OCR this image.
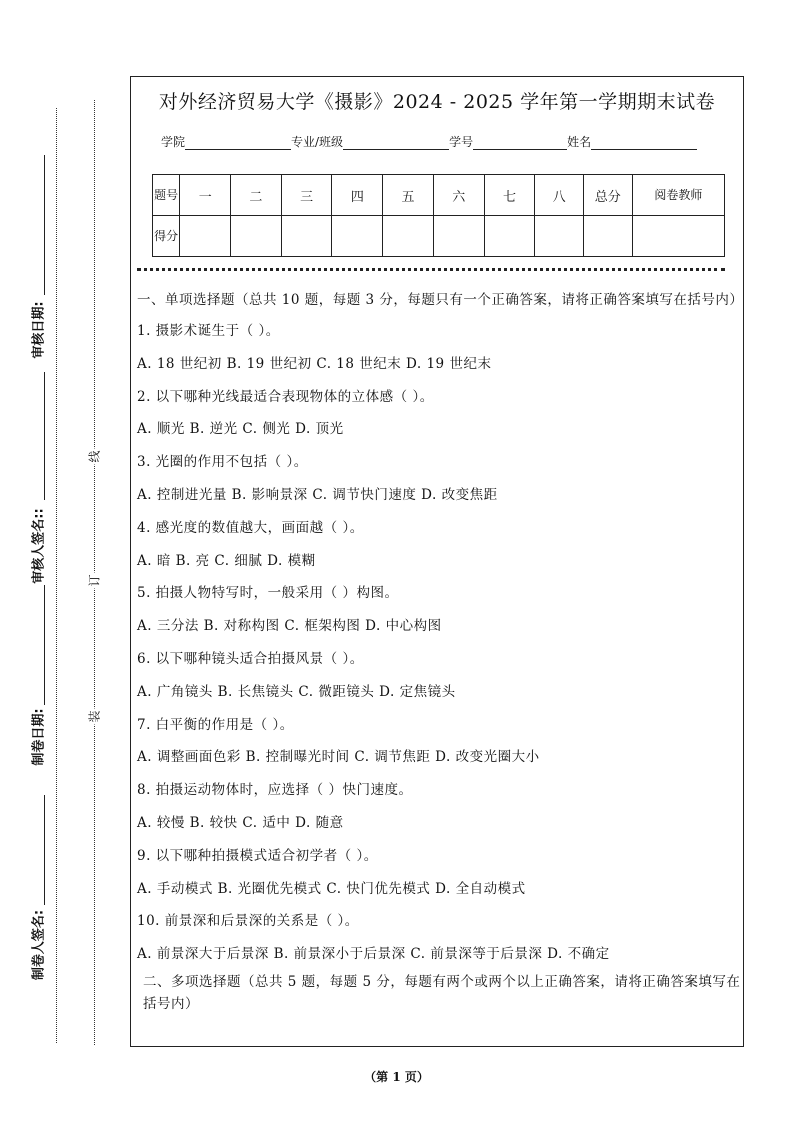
审核日期:
审核人签名::
制卷日期:
制卷人签名:
线
订
装
对外经济贸易大学《摄影》2024 - 2025 学年第一学期期末试卷
学院	专业/班级	学号	姓名
题号	一	二	三	四	五	六	七	八	总分	阅卷教师
得分										

一、单项选择题（总共 10 题，每题 3 分，每题只有一个正确答案，请将正确答案填写在括号内）

1. 摄影术诞生于（ ）。

A. 18 世纪初 B. 19 世纪初 C. 18 世纪末 D. 19 世纪末

2. 以下哪种光线最适合表现物体的立体感（ ）。

A. 顺光 B. 逆光 C. 侧光 D. 顶光

3. 光圈的作用不包括（ ）。

A. 控制进光量 B. 影响景深 C. 调节快门速度 D. 改变焦距

4. 感光度的数值越大，画面越（ ）。

A. 暗 B. 亮 C. 细腻 D. 模糊

5. 拍摄人物特写时，一般采用（ ）构图。

A. 三分法 B. 对称构图 C. 框架构图 D. 中心构图

6. 以下哪种镜头适合拍摄风景（ ）。

A. 广角镜头 B. 长焦镜头 C. 微距镜头 D. 定焦镜头

7. 白平衡的作用是（ ）。

A. 调整画面色彩 B. 控制曝光时间 C. 调节焦距 D. 改变光圈大小

8. 拍摄运动物体时，应选择（ ）快门速度。

A. 较慢 B. 较快 C. 适中 D. 随意

9. 以下哪种拍摄模式适合初学者（ ）。

A. 手动模式 B. 光圈优先模式 C. 快门优先模式 D. 全自动模式

10. 前景深和后景深的关系是（ ）。

A. 前景深大于后景深 B. 前景深小于后景深 C. 前景深等于后景深 D. 不确定

二、多项选择题（总共 5 题，每题 5 分，每题有两个或两个以上正确答案，请将正确答案填写在括号内）

（第 1 页）
